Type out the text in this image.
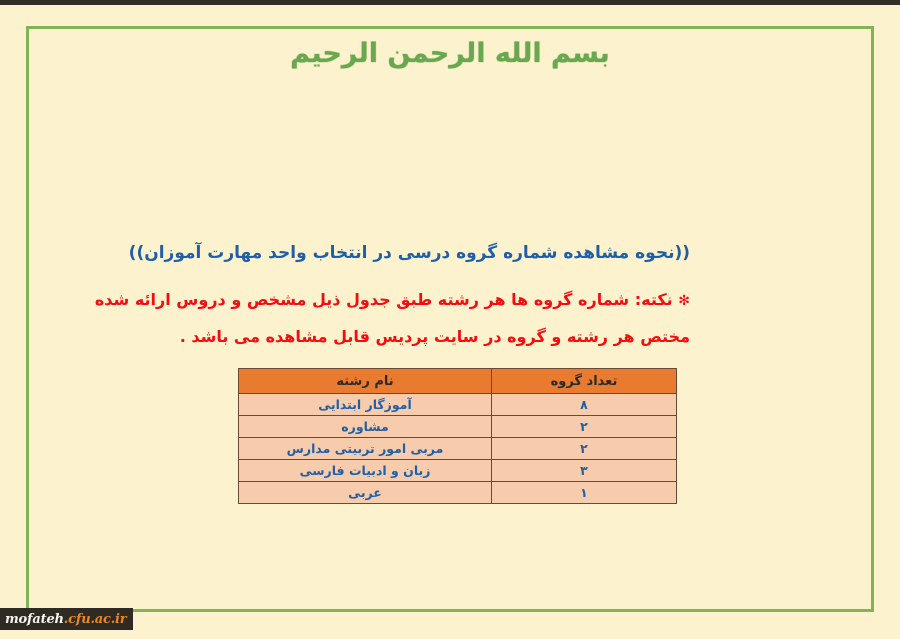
بسم الله الرحمن الرحیم

((نحوه مشاهده شماره گروه درسی در انتخاب واحد مهارت آموزان))

✻ نکته: شماره گروه ها هر رشته طبق جدول ذیل مشخص و دروس ارائه شده

مختص هر رشته و گروه در سایت پردیس قابل مشاهده می باشد .

تعداد گروه	نام رشته
۸	آموزگار ابتدایی
۲	مشاوره
۲	مربی امور تربیتی مدارس
۳	زبان و ادبیات فارسی
۱	عربی
mofateh .cfu.ac.ir
